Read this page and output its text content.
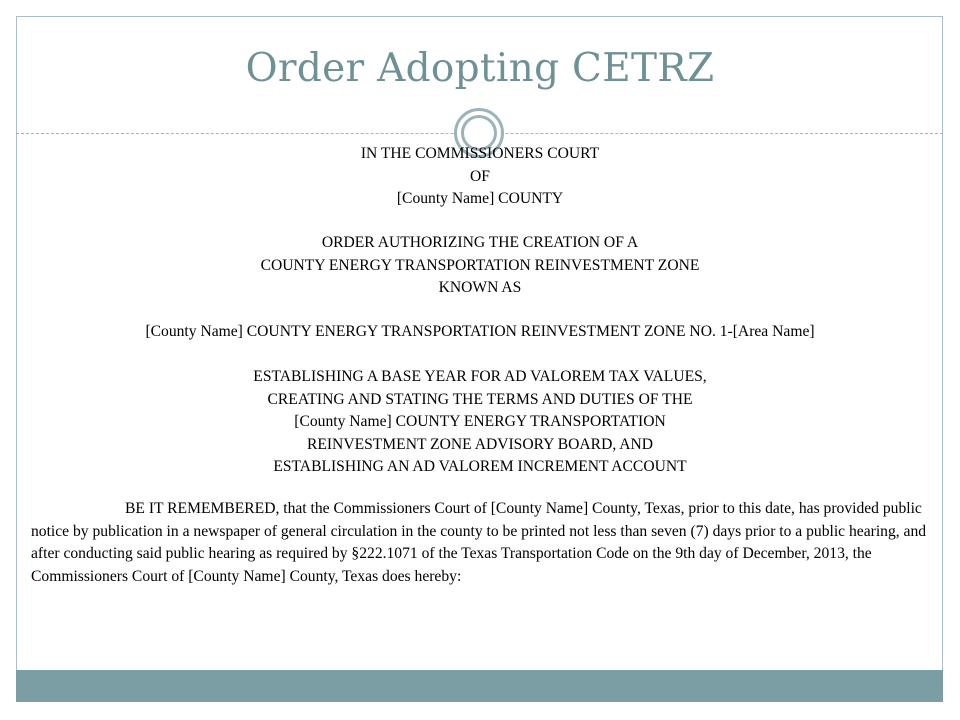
Order Adopting CETRZ
IN THE COMMISSIONERS COURT
OF
[County Name] COUNTY
ORDER AUTHORIZING THE CREATION OF A
COUNTY ENERGY TRANSPORTATION REINVESTMENT ZONE
KNOWN AS
[County Name] COUNTY ENERGY TRANSPORTATION REINVESTMENT ZONE NO. 1-[Area Name]
ESTABLISHING A BASE YEAR FOR AD VALOREM TAX VALUES,
CREATING AND STATING THE TERMS AND DUTIES OF THE
[County Name] COUNTY ENERGY TRANSPORTATION
REINVESTMENT ZONE ADVISORY BOARD, AND
ESTABLISHING AN AD VALOREM INCREMENT ACCOUNT
BE IT REMEMBERED, that the Commissioners Court of [County Name] County, Texas, prior to this date, has provided public notice by publication in a newspaper of general circulation in the county to be printed not less than seven (7) days prior to a public hearing, and after conducting said public hearing as required by §222.1071 of the Texas Transportation Code on the 9th day of December, 2013, the Commissioners Court of [County Name] County, Texas does hereby:
